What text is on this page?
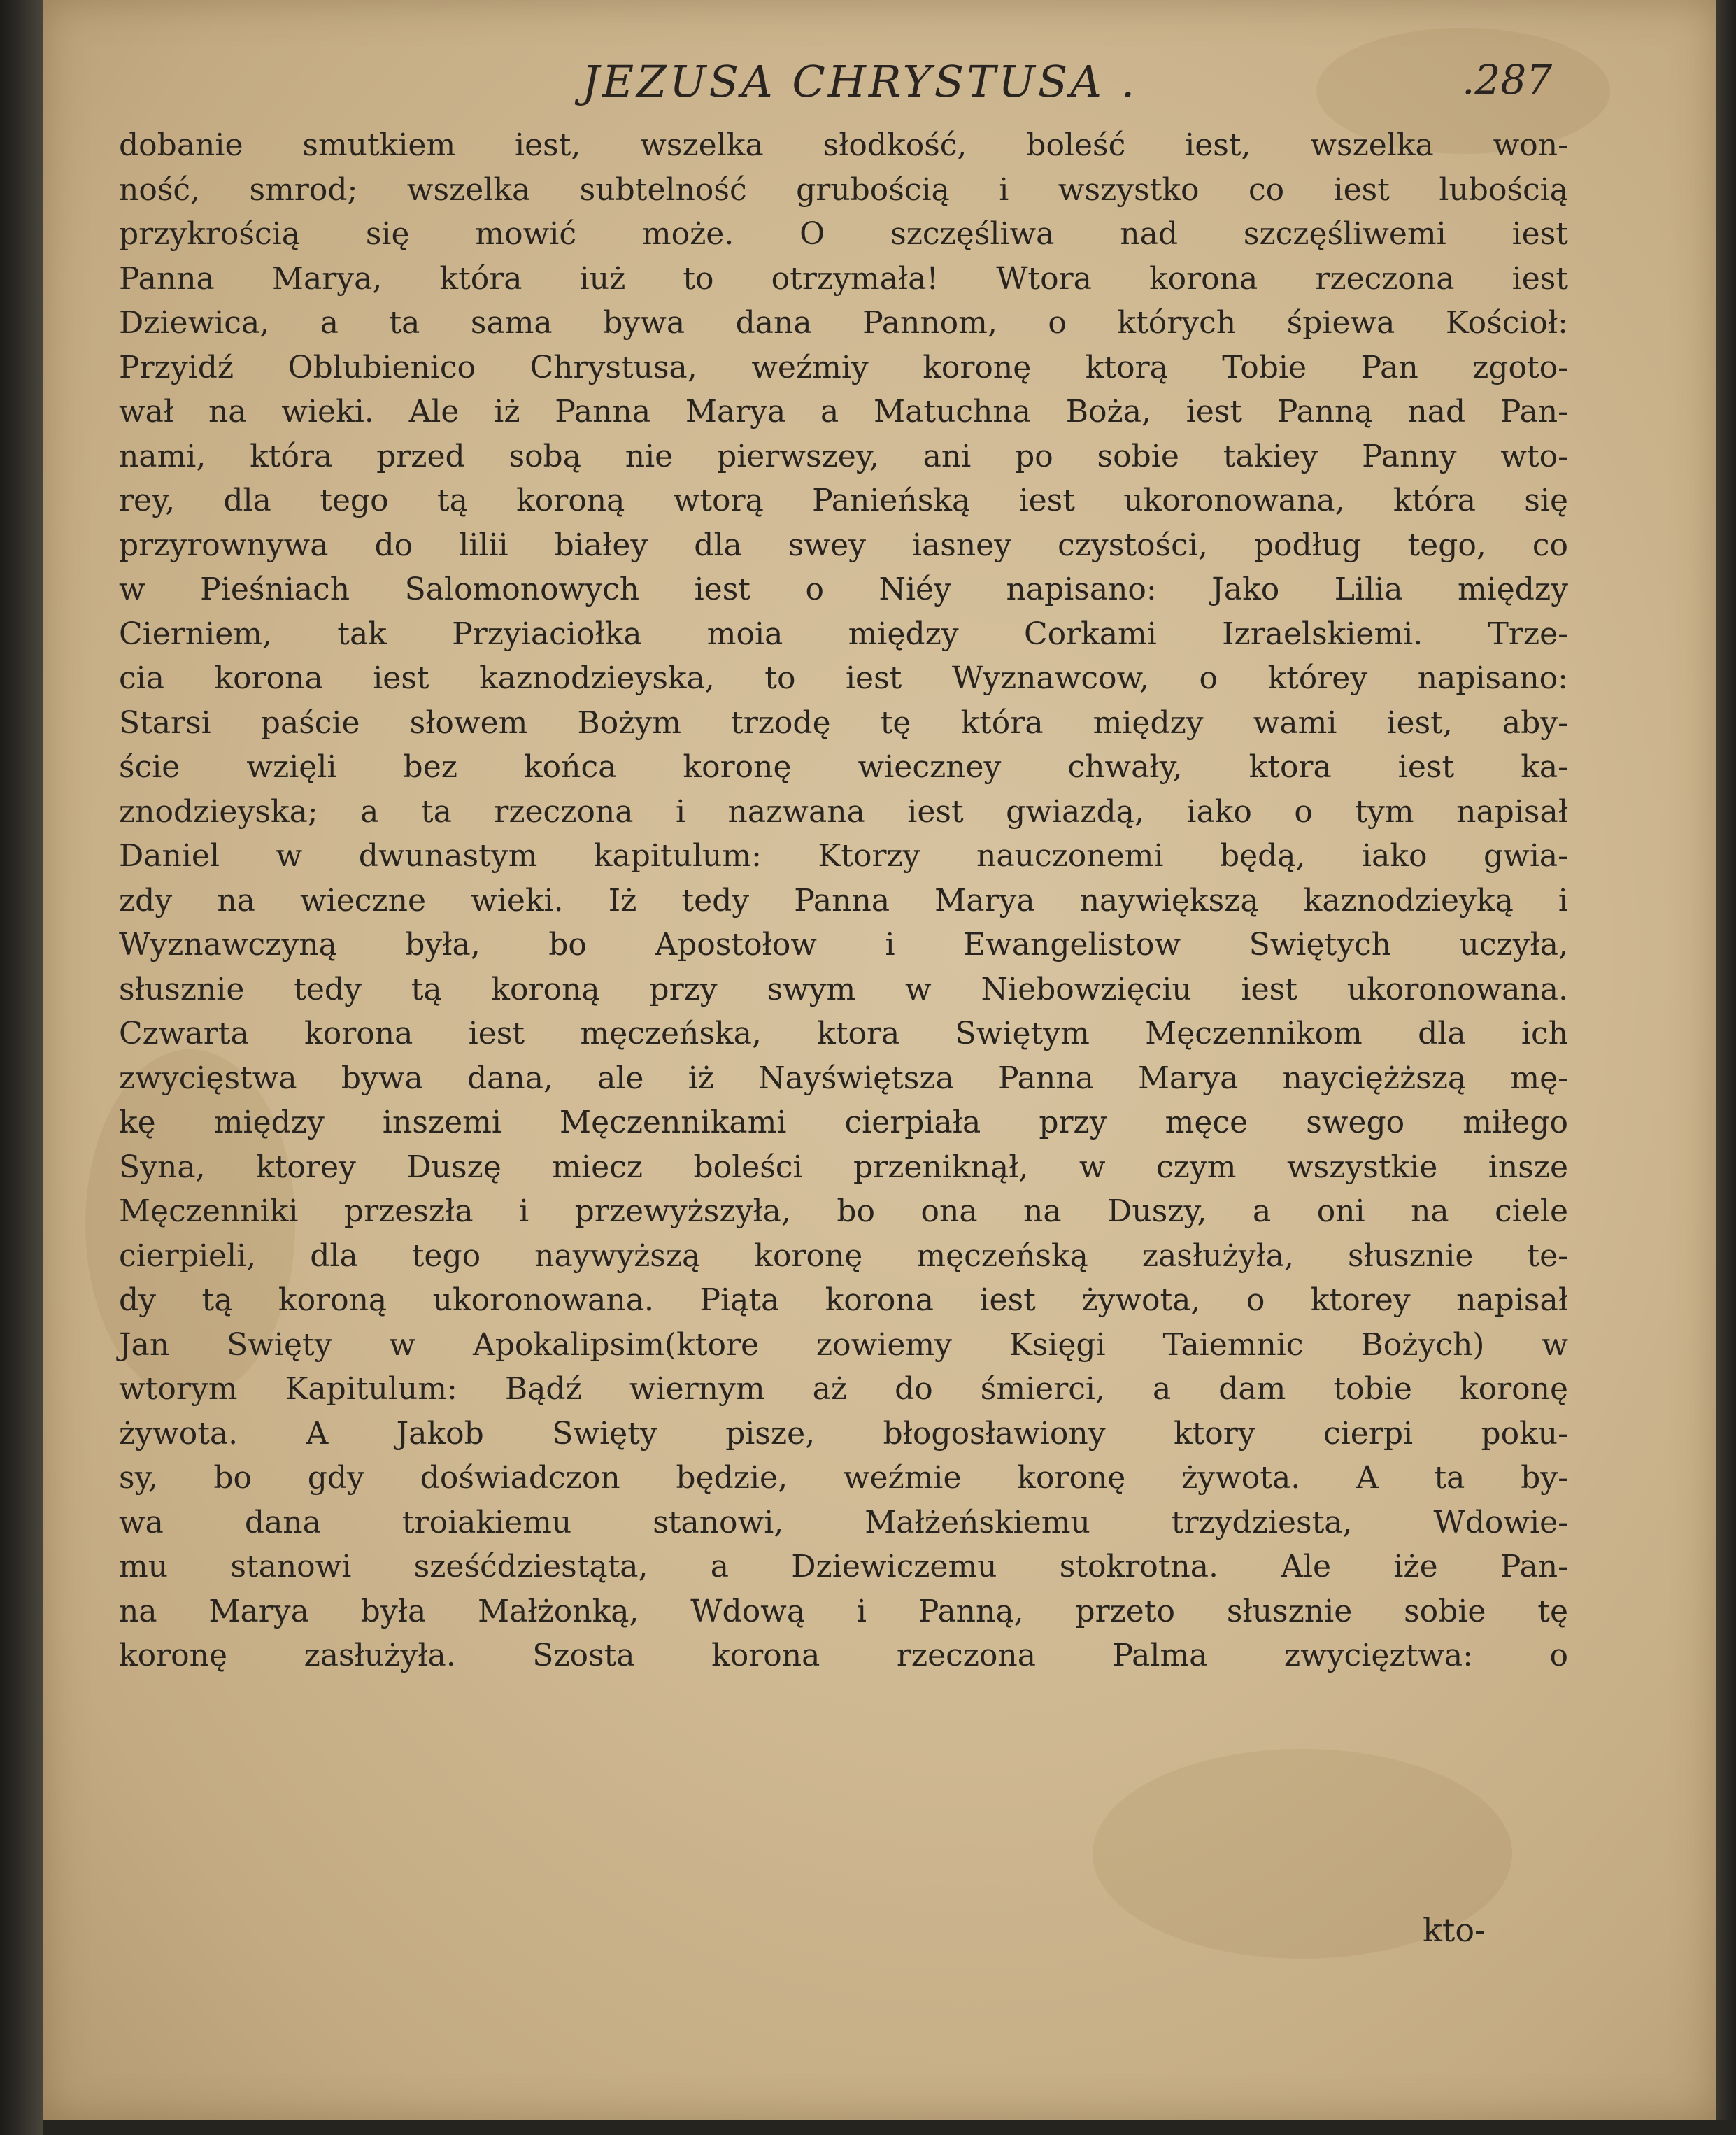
JEZUSA CHRYSTUSA .	.287
dobanie smutkiem iest, wszelka słodkość, boleść iest, wszelka won-
ność, smrod; wszelka subtelność grubością i wszystko co iest lubością
przykrością się mowić może. O szczęśliwa nad szczęśliwemi iest
Panna Marya, która iuż to otrzymała! Wtora korona rzeczona iest
Dziewica, a ta sama bywa dana Pannom, o których śpiewa Kościoł:
Przyidź Oblubienico Chrystusa, weźmiy koronę ktorą Tobie Pan zgoto-
wał na wieki. Ale iż Panna Marya a Matuchna Boża, iest Panną nad Pan-
nami, która przed sobą nie pierwszey, ani po sobie takiey Panny wto-
rey, dla tego tą koroną wtorą Panieńską iest ukoronowana, która się
przyrownywa do lilii białey dla swey iasney czystości, podług tego, co
w Pieśniach Salomonowych iest o Niéy napisano: Jako Lilia między
Cierniem, tak Przyiaciołka moia między Corkami Izraelskiemi. Trze-
cia korona iest kaznodzieyska, to iest Wyznawcow, o którey napisano:
Starsi paście słowem Bożym trzodę tę która między wami iest, aby-
ście wzięli bez końca koronę wieczney chwały, ktora iest ka-
znodzieyska; a ta rzeczona i nazwana iest gwiazdą, iako o tym napisał
Daniel w dwunastym kapitulum: Ktorzy nauczonemi będą, iako gwia-
zdy na wieczne wieki. Iż tedy Panna Marya naywiększą kaznodzieyką i
Wyznawczyną była, bo Apostołow i Ewangelistow Swiętych uczyła,
słusznie tedy tą koroną przy swym w Niebowzięciu iest ukoronowana.
Czwarta korona iest męczeńska, ktora Swiętym Męczennikom dla ich
zwycięstwa bywa dana, ale iż Nayświętsza Panna Marya nayciężższą mę-
kę między inszemi Męczennikami cierpiała przy męce swego miłego
Syna, ktorey Duszę miecz boleści przeniknął, w czym wszystkie insze
Męczenniki przeszła i przewyższyła, bo ona na Duszy, a oni na ciele
cierpieli, dla tego naywyższą koronę męczeńską zasłużyła, słusznie te-
dy tą koroną ukoronowana. Piąta korona iest żywota, o ktorey napisał
Jan Swięty w Apokalipsim(ktore zowiemy Księgi Taiemnic Bożych) w
wtorym Kapitulum: Bądź wiernym aż do śmierci, a dam tobie koronę
żywota. A Jakob Swięty pisze, błogosławiony ktory cierpi poku-
sy, bo gdy doświadczon będzie, weźmie koronę żywota. A ta by-
wa dana troiakiemu stanowi, Małżeńskiemu trzydziesta, Wdowie-
mu stanowi sześćdziestąta, a Dziewiczemu stokrotna. Ale iże Pan-
na Marya była Małżonką, Wdową i Panną, przeto słusznie sobie tę
koronę zasłużyła. Szosta korona rzeczona Palma zwycięztwa: o
kto-
